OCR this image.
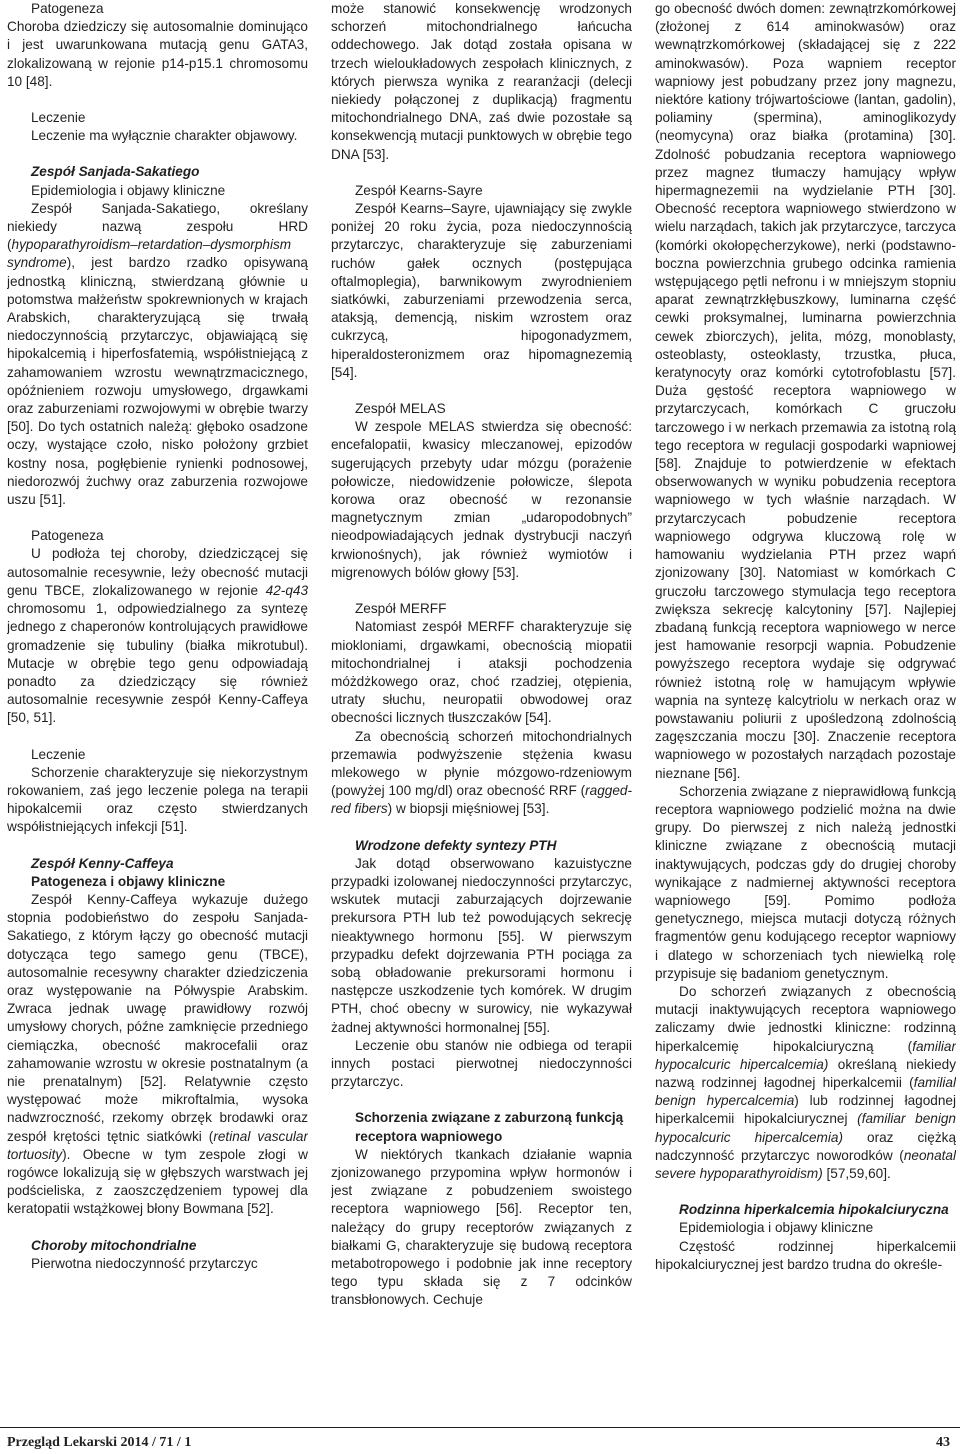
Patogeneza
Choroba dziedziczy się autosomalnie dominująco i jest uwarunkowana mutacją genu GATA3, zlokalizowaną w rejonie p14-p15.1 chromosomu 10 [48].

Leczenie
Leczenie ma wyłącznie charakter objawowy.

Zespół Sanjada-Sakatiego
Epidemiologia i objawy kliniczne
Zespół Sanjada-Sakatiego, określany niekiedy nazwą zespołu HRD (hypoparathyroidism–retardation–dysmorphism syndrome), jest bardzo rzadko opisywaną jednostką kliniczną, stwierdzaną głównie u potomstwa małżeństw spokrewnionych w krajach Arabskich, charakteryzującą się trwałą niedoczynnością przytarczyc, objawiającą się hipokalcemią i hiperfosfatemią, współistniejącą z zahamowaniem wzrostu wewnątrzmacicznego, opóźnieniem rozwoju umysłowego, drgawkami oraz zaburzeniami rozwojowymi w obrębie twarzy [50]. Do tych ostatnich należą: głęboko osadzone oczy, wystające czoło, nisko położony grzbiet kostny nosa, pogłębienie rynienki podnosowej, niedorozwój żuchwy oraz zaburzenia rozwojowe uszu [51].

Patogeneza
U podłoża tej choroby, dziedziczącej się autosomalnie recesywnie, leży obecność mutacji genu TBCE, zlokalizowanego w rejonie 42-q43 chromosomu 1, odpowiedzialnego za syntezę jednego z chaperonów kontrolujących prawidłowe gromadzenie się tubuliny (białka mikrotubul). Mutacje w obrębie tego genu odpowiadają ponadto za dziedziczący się również autosomalnie recesywnie zespół Kenny-Caffeya [50, 51].

Leczenie
Schorzenie charakteryzuje się niekorzystnym rokowaniem, zaś jego leczenie polega na terapii hipokalcemii oraz często stwierdzanych współistniejących infekcji [51].

Zespół Kenny-Caffeya
Patogeneza i objawy kliniczne
Zespół Kenny-Caffeya wykazuje dużego stopnia podobieństwo do zespołu Sanjada-Sakatiego, z którym łączy go obecność mutacji dotycząca tego samego genu (TBCE), autosomalnie recesywny charakter dziedziczenia oraz występowanie na Półwyspie Arabskim. Zwraca jednak uwagę prawidłowy rozwój umysłowy chorych, późne zamknięcie przedniego ciemiączka, obecność makrocefalii oraz zahamowanie wzrostu w okresie postnatalnym (a nie prenatalnym) [52]. Relatywnie często występować może mikroftalmia, wysoka nadwzroczność, rzekomy obrzęk brodawki oraz zespół krętości tętnic siatkówki (retinal vascular tortuosity). Obecne w tym zespole złogi w rogówce lokalizują się w głębszych warstwach jej podścieliska, z zaoszczędzeniem typowej dla keratopatii wstążkowej błony Bowmana [52].

Choroby mitochondrialne
Pierwotna niedoczynność przytarczyc

może stanowić konsekwencję wrodzonych schorzeń mitochondrialnego łańcucha oddechowego. Jak dotąd została opisana w trzech wieloukładowych zespołach klinicznych, z których pierwsza wynika z rearanżacji (delecji niekiedy połączonej z duplikacją) fragmentu mitochondrialnego DNA, zaś dwie pozostałe są konsekwencją mutacji punktowych w obrębie tego DNA [53].

Zespół Kearns-Sayre
Zespół Kearns–Sayre, ujawniający się zwykle poniżej 20 roku życia, poza niedoczynnością przytarczyc, charakteryzuje się zaburzeniami ruchów gałek ocznych (postępująca oftalmoplegia), barwnikowym zwyrodnieniem siatkówki, zaburzeniami przewodzenia serca, ataksją, demencją, niskim wzrostem oraz cukrzycą, hipogonadyzmem, hiperaldosteronizmem oraz hipomagnezemią [54].

Zespół MELAS
W zespole MELAS stwierdza się obecność: encefalopatii, kwasicy mleczanowej, epizodów sugerujących przebyty udar mózgu (porażenie połowicze, niedowidzenie połowicze, ślepota korowa oraz obecność w rezonansie magnetycznym zmian „udaropodobnych” nieodpowiadających jednak dystrybucji naczyń krwionośnych), jak również wymiotów i migrenowych bólów głowy [53].

Zespół MERFF
Natomiast zespół MERFF charakteryzuje się miokloniami, drgawkami, obecnością miopatii mitochondrialnej i ataksji pochodzenia móżdżkowego oraz, choć rzadziej, otępienia, utraty słuchu, neuropatii obwodowej oraz obecności licznych tłuszczaków [54].

Za obecnością schorzeń mitochondrialnych przemawia podwyższenie stężenia kwasu mlekowego w płynie mózgowo-rdzeniowym (powyżej 100 mg/dl) oraz obecność RRF (ragged-red fibers) w biopsji mięśniowej [53].

Wrodzone defekty syntezy PTH
Jak dotąd obserwowano kazuistyczne przypadki izolowanej niedoczynności przytarczyc, wskutek mutacji zaburzających dojrzewanie prekursora PTH lub też powodujących sekrecję nieaktywnego hormonu [55]. W pierwszym przypadku defekt dojrzewania PTH pociąga za sobą obładowanie prekursorami hormonu i następcze uszkodzenie tych komórek. W drugim PTH, choć obecny w surowicy, nie wykazywał żadnej aktywności hormonalnej [55].

Leczenie obu stanów nie odbiega od terapii innych postaci pierwotnej niedoczynności przytarczyc.

Schorzenia związane z zaburzoną funkcją receptora wapniowego
W niektórych tkankach działanie wapnia zjonizowanego przypomina wpływ hormonów i jest związane z pobudzeniem swoistego receptora wapniowego [56]. Receptor ten, należący do grupy receptorów związanych z białkami G, charakteryzuje się budową receptora metabotropowego i podobnie jak inne receptory tego typu składa się z 7 odcinków transbłonowych. Cechuje

go obecność dwóch domen: zewnątrzkomórkowej (złożonej z 614 aminokwasów) oraz wewnątrzkomórkowej (składającej się z 222 aminokwasów). Poza wapniem receptor wapniowy jest pobudzany przez jony magnezu, niektóre kationy trójwartościowe (lantan, gadolin), poliaminy (spermina), aminoglikozydy (neomycyna) oraz białka (protamina) [30]. Zdolność pobudzania receptora wapniowego przez magnez tłumaczy hamujący wpływ hipermagnezemii na wydzielanie PTH [30]. Obecność receptora wapniowego stwierdzono w wielu narządach, takich jak przytarczyce, tarczyca (komórki okołopęcherzykowe), nerki (podstawno-boczna powierzchnia grubego odcinka ramienia wstępującego pętli nefronu i w mniejszym stopniu aparat zewnątrzkłębuszkowy, luminarna część cewki proksymalnej, luminarna powierzchnia cewek zbiorczych), jelita, mózg, monoblasty, osteoblasty, osteoklasty, trzustka, płuca, keratynocyty oraz komórki cytotrofoblastu [57]. Duża gęstość receptora wapniowego w przytarczycach, komórkach C gruczołu tarczowego i w nerkach przemawia za istotną rolą tego receptora w regulacji gospodarki wapniowej [58]. Znajduje to potwierdzenie w efektach obserwowanych w wyniku pobudzenia receptora wapniowego w tych właśnie narządach. W przytarczycach pobudzenie receptora wapniowego odgrywa kluczową rolę w hamowaniu wydzielania PTH przez wapń zjonizowany [30]. Natomiast w komórkach C gruczołu tarczowego stymulacja tego receptora zwiększa sekrecję kalcytoniny [57]. Najlepiej zbadaną funkcją receptora wapniowego w nerce jest hamowanie resorpcji wapnia. Pobudzenie powyższego receptora wydaje się odgrywać również istotną rolę w hamującym wpływie wapnia na syntezę kalcytriolu w nerkach oraz w powstawaniu poliurii z upośledzoną zdolnością zagęszczania moczu [30]. Znaczenie receptora wapniowego w pozostałych narządach pozostaje nieznane [56].

Schorzenia związane z nieprawidłową funkcją receptora wapniowego podzielić można na dwie grupy. Do pierwszej z nich należą jednostki kliniczne związane z obecnością mutacji inaktywujących, podczas gdy do drugiej choroby wynikające z nadmiernej aktywności receptora wapniowego [59]. Pomimo podłoża genetycznego, miejsca mutacji dotyczą różnych fragmentów genu kodującego receptor wapniowy i dlatego w schorzeniach tych niewielką rolę przypisuje się badaniom genetycznym.

Do schorzeń związanych z obecnością mutacji inaktywujących receptora wapniowego zaliczamy dwie jednostki kliniczne: rodzinną hiperkalcemię hipokalciuryczną (familiar hypocalcuric hipercalcemia) określaną niekiedy nazwą rodzinnej łagodnej hiperkalcemii (familial benign hypercalcemia) lub rodzinnej łagodnej hiperkalcemii hipokalciurycznej (familiar benign hypocalcuric hipercalcemia) oraz ciężką nadczynność przytarczyc noworodków (neonatal severe hypoparathyroidism) [57,59,60].

Rodzinna hiperkalcemia hipokalciuryczna
Epidemiologia i objawy kliniczne
Częstość rodzinnej hiperkalcemii hipokalciurycznej jest bardzo trudna do określe-

Przegląd Lekarski 2014 / 71 / 1	43
